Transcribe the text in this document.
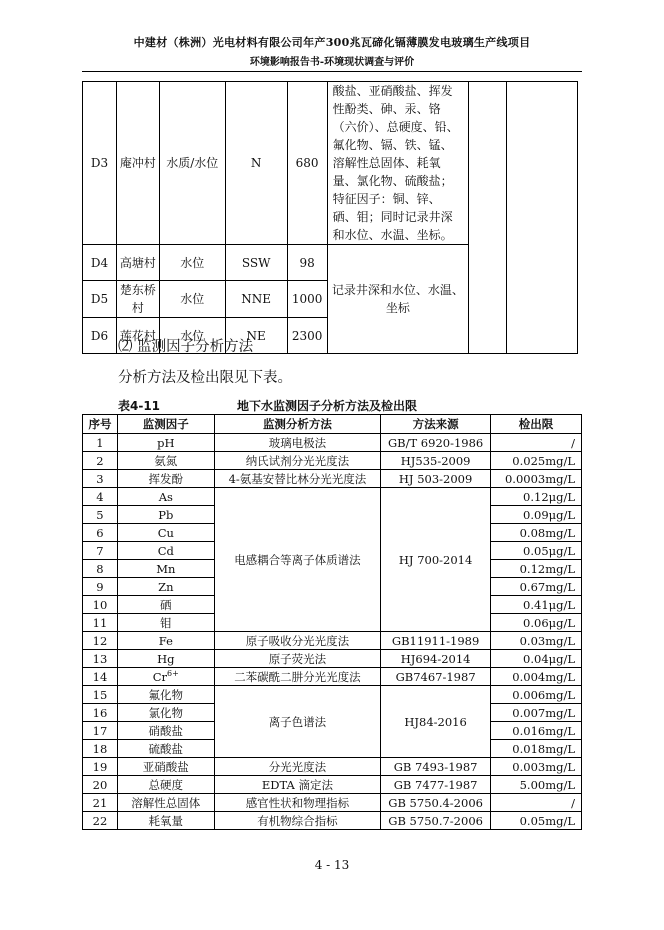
中建材（株洲）光电材料有限公司年产300兆瓦碲化镉薄膜发电玻璃生产线项目
环境影响报告书-环境现状调查与评价
D3	庵冲村	水质/水位	N	680	酸盐、亚硝酸盐、挥发性酚类、砷、汞、铬（六价）、总硬度、铅、氟化物、镉、铁、锰、溶解性总固体、耗氧量、氯化物、硫酸盐；特征因子：铜、锌、硒、钼；同时记录井深和水位、水温、坐标。		
D4	高塘村	水位	SSW	98	记录井深和水位、水温、坐标		
D5	楚东桥村	水位	NNE	1000			
D6	莲花村	水位	NE	2300			
⑵ 监测因子分析方法
分析方法及检出限见下表。
表4-11	地下水监测因子分析方法及检出限
序号	监测因子	监测分析方法	方法来源	检出限
1	pH	玻璃电极法	GB/T 6920-1986	/
2	氨氮	纳氏试剂分光光度法	HJ535-2009	0.025mg/L
3	挥发酚	4-氨基安替比林分光光度法	HJ 503-2009	0.0003mg/L
4	As	电感耦合等离子体质谱法	HJ 700-2014	0.12μg/L
5	Pb			0.09μg/L
6	Cu			0.08mg/L
7	Cd			0.05μg/L
8	Mn			0.12mg/L
9	Zn			0.67mg/L
10	硒			0.41μg/L
11	钼			0.06μg/L
12	Fe	原子吸收分光光度法	GB11911-1989	0.03mg/L
13	Hg	原子荧光法	HJ694-2014	0.04μg/L
14	$Cr^{6+}$	二苯碳酰二肼分光光度法	GB7467-1987	0.004mg/L
15	氟化物	离子色谱法	HJ84-2016	0.006mg/L
16	氯化物			0.007mg/L
17	硝酸盐			0.016mg/L
18	硫酸盐			0.018mg/L
19	亚硝酸盐	分光光度法	GB 7493-1987	0.003mg/L
20	总硬度	EDTA 滴定法	GB 7477-1987	5.00mg/L
21	溶解性总固体	感官性状和物理指标	GB 5750.4-2006	/
22	耗氧量	有机物综合指标	GB 5750.7-2006	0.05mg/L
4 - 13
